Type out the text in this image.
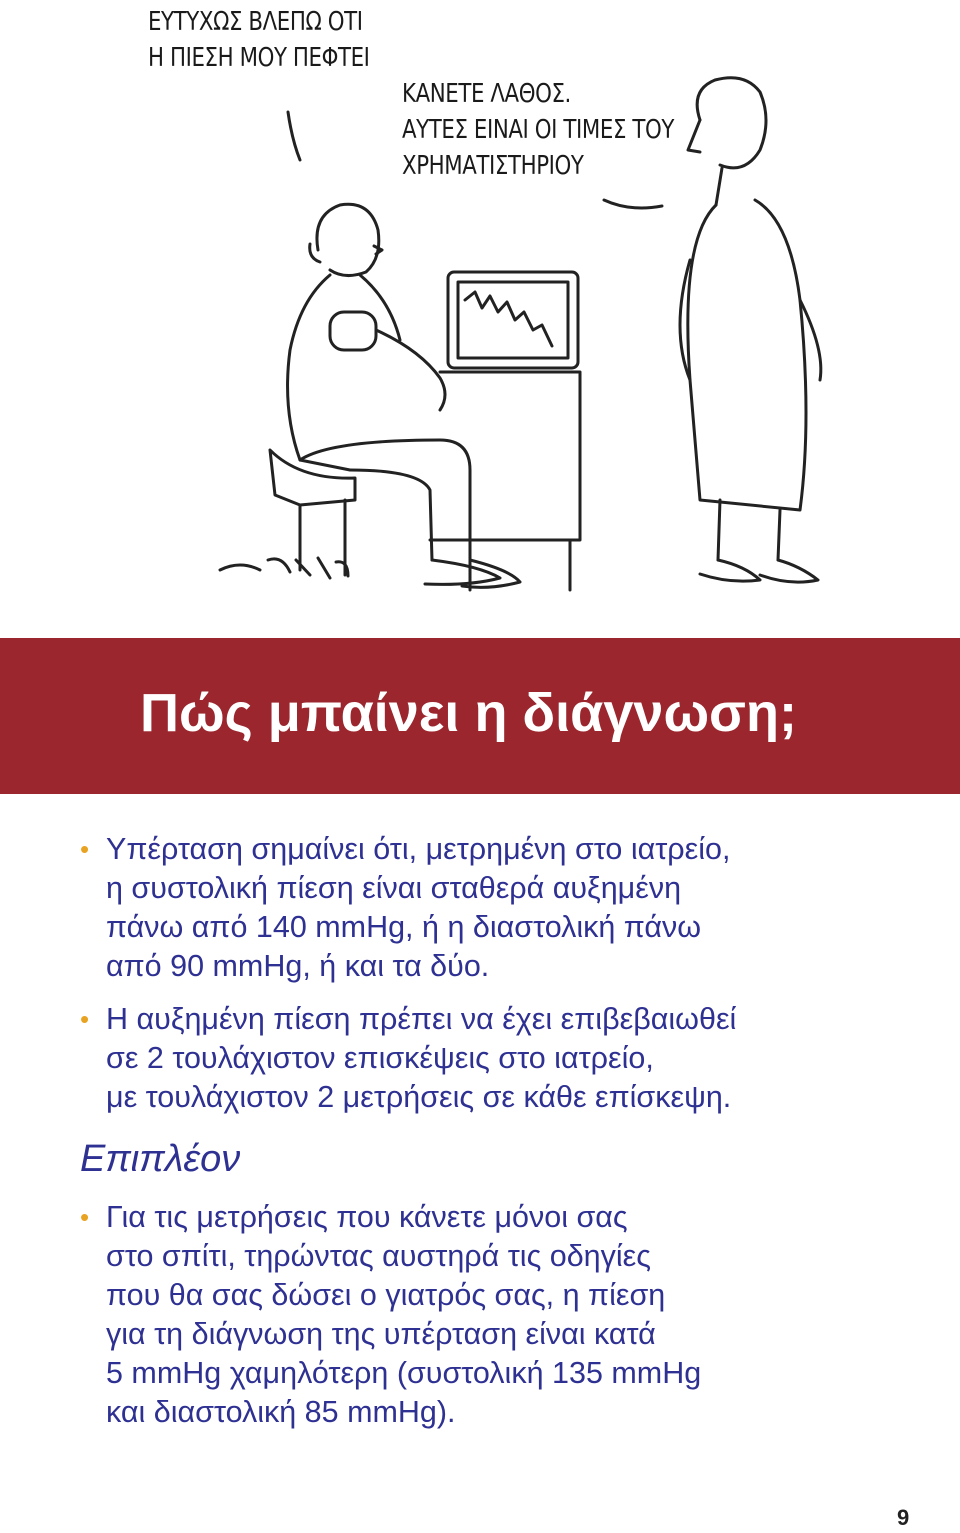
ΕΥΤΥΧΩΣ ΒΛΕΠΩ ΟΤΙ
Η ΠΙΕΣΗ ΜΟΥ ΠΕΦΤΕΙ
ΚΑΝΕΤΕ ΛΑΘΟΣ.
ΑΥΤΕΣ ΕΙΝΑΙ ΟΙ ΤΙΜΕΣ ΤΟΥ
ΧΡΗΜΑΤΙΣΤΗΡΙΟΥ
Πώς μπαίνει η διάγνωση;
• Υπέρταση σημαίνει ότι, μετρημένη στο ιατρείο,
η συστολική πίεση είναι σταθερά αυξημένη
πάνω από 140 mmHg, ή η διαστολική πάνω
από 90 mmHg, ή και τα δύο.
• Η αυξημένη πίεση πρέπει να έχει επιβεβαιωθεί
σε 2 τουλάχιστον επισκέψεις στο ιατρείο,
με τουλάχιστον 2 μετρήσεις σε κάθε επίσκεψη.
Επιπλέον
• Για τις μετρήσεις που κάνετε μόνοι σας
στο σπίτι, τηρώντας αυστηρά τις οδηγίες
που θα σας δώσει ο γιατρός σας, η πίεση
για τη διάγνωση της υπέρταση είναι κατά
5 mmHg χαμηλότερη (συστολική 135 mmHg
και διαστολική 85 mmHg).
9
